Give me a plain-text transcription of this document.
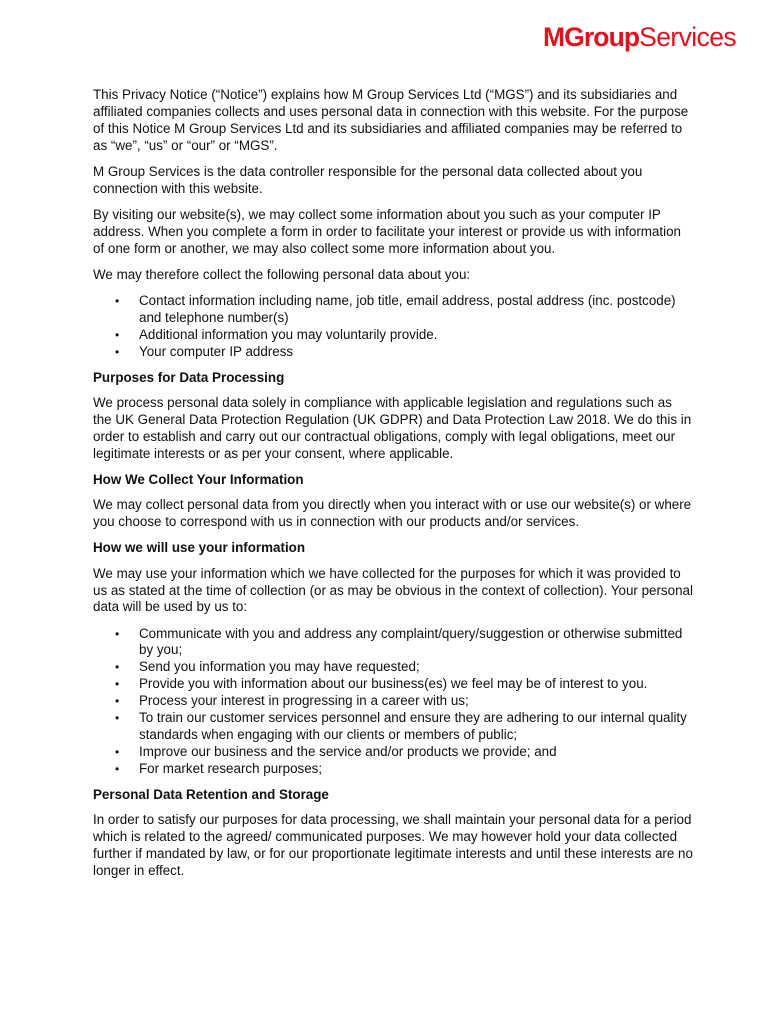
MGroupServices

This Privacy Notice (“Notice”) explains how M Group Services Ltd (“MGS”) and its subsidiaries and affiliated companies collects and uses personal data in connection with this website. For the purpose of this Notice M Group Services Ltd and its subsidiaries and affiliated companies may be referred to as “we”, “us” or “our” or “MGS”.

M Group Services is the data controller responsible for the personal data collected about you connection with this website.

By visiting our website(s), we may collect some information about you such as your computer IP address. When you complete a form in order to facilitate your interest or provide us with information of one form or another, we may also collect some more information about you.

We may therefore collect the following personal data about you:

• Contact information including name, job title, email address, postal address (inc. postcode) and telephone number(s)
• Additional information you may voluntarily provide.
• Your computer IP address
Purposes for Data Processing

We process personal data solely in compliance with applicable legislation and regulations such as the UK General Data Protection Regulation (UK GDPR) and Data Protection Law 2018. We do this in order to establish and carry out our contractual obligations, comply with legal obligations, meet our legitimate interests or as per your consent, where applicable.

How We Collect Your Information

We may collect personal data from you directly when you interact with or use our website(s) or where you choose to correspond with us in connection with our products and/or services.

How we will use your information

We may use your information which we have collected for the purposes for which it was provided to us as stated at the time of collection (or as may be obvious in the context of collection). Your personal data will be used by us to:

• Communicate with you and address any complaint/query/suggestion or otherwise submitted by you;
• Send you information you may have requested;
• Provide you with information about our business(es) we feel may be of interest to you.
• Process your interest in progressing in a career with us;
• To train our customer services personnel and ensure they are adhering to our internal quality standards when engaging with our clients or members of public;
• Improve our business and the service and/or products we provide; and
• For market research purposes;
Personal Data Retention and Storage

In order to satisfy our purposes for data processing, we shall maintain your personal data for a period which is related to the agreed/ communicated purposes. We may however hold your data collected further if mandated by law, or for our proportionate legitimate interests and until these interests are no longer in effect.
